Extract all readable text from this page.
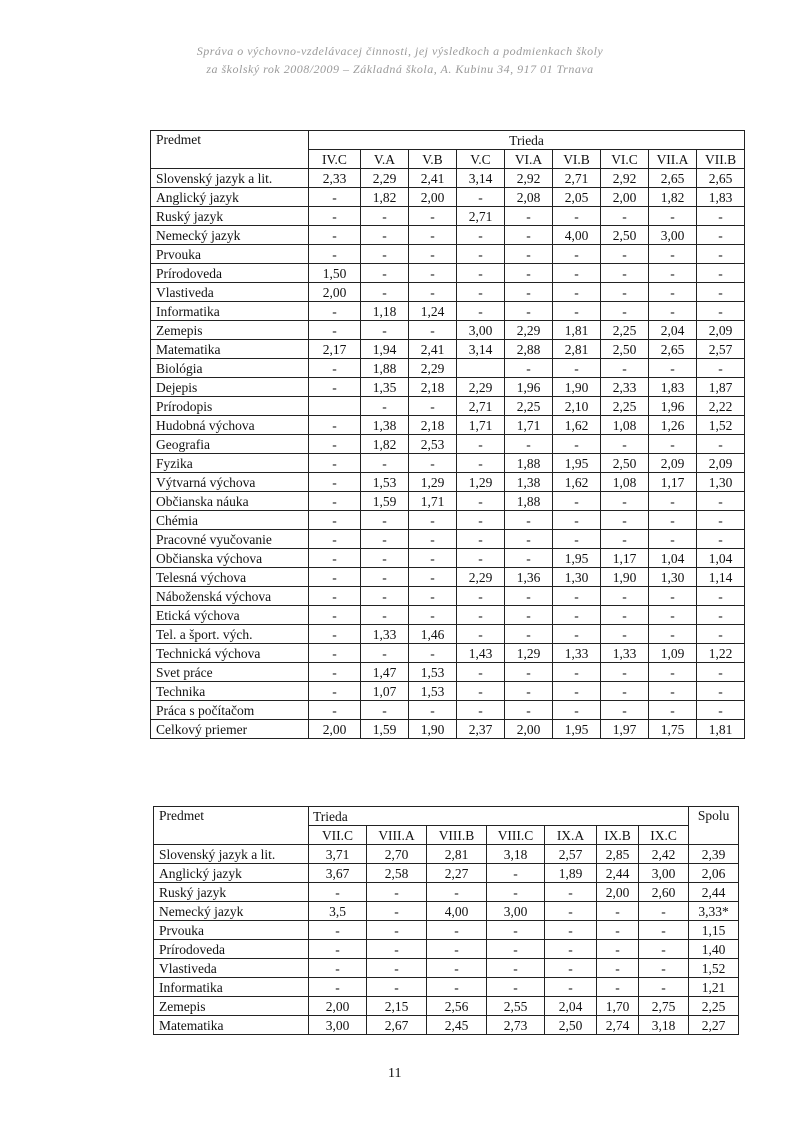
Správa o výchovno-vzdelávacej činnosti, jej výsledkoch a podmienkach školy
za školský rok 2008/2009 – Základná škola, A. Kubinu 34, 917 01 Trnava
Predmet	Trieda								
	IV.C	V.A	V.B	V.C	VI.A	VI.B	VI.C	VII.A	VII.B
Slovenský jazyk a lit.	2,33	2,29	2,41	3,14	2,92	2,71	2,92	2,65	2,65
Anglický jazyk	-	1,82	2,00	-	2,08	2,05	2,00	1,82	1,83
Ruský jazyk	-	-	-	2,71	-	-	-	-	-
Nemecký jazyk	-	-	-	-	-	4,00	2,50	3,00	-
Prvouka	-	-	-	-	-	-	-	-	-
Prírodoveda	1,50	-	-	-	-	-	-	-	-
Vlastiveda	2,00	-	-	-	-	-	-	-	-
Informatika	-	1,18	1,24	-	-	-	-	-	-
Zemepis	-	-	-	3,00	2,29	1,81	2,25	2,04	2,09
Matematika	2,17	1,94	2,41	3,14	2,88	2,81	2,50	2,65	2,57
Biológia	-	1,88	2,29		-	-	-	-	-
Dejepis	-	1,35	2,18	2,29	1,96	1,90	2,33	1,83	1,87
Prírodopis		-	-	2,71	2,25	2,10	2,25	1,96	2,22
Hudobná výchova	-	1,38	2,18	1,71	1,71	1,62	1,08	1,26	1,52
Geografia	-	1,82	2,53	-	-	-	-	-	-
Fyzika	-	-	-	-	1,88	1,95	2,50	2,09	2,09
Výtvarná výchova	-	1,53	1,29	1,29	1,38	1,62	1,08	1,17	1,30
Občianska náuka	-	1,59	1,71	-	1,88	-	-	-	-
Chémia	-	-	-	-	-	-	-	-	-
Pracovné vyučovanie	-	-	-	-	-	-	-	-	-
Občianska výchova	-	-	-	-	-	1,95	1,17	1,04	1,04
Telesná výchova	-	-	-	2,29	1,36	1,30	1,90	1,30	1,14
Náboženská výchova	-	-	-	-	-	-	-	-	-
Etická výchova	-	-	-	-	-	-	-	-	-
Tel. a šport. vých.	-	1,33	1,46	-	-	-	-	-	-
Technická výchova	-	-	-	1,43	1,29	1,33	1,33	1,09	1,22
Svet práce	-	1,47	1,53	-	-	-	-	-	-
Technika	-	1,07	1,53	-	-	-	-	-	-
Práca s počítačom	-	-	-	-	-	-	-	-	-
Celkový priemer	2,00	1,59	1,90	2,37	2,00	1,95	1,97	1,75	1,81
Predmet	Trieda							Spolu
	VII.C	VIII.A	VIII.B	VIII.C	IX.A	IX.B	IX.C	
Slovenský jazyk a lit.	3,71	2,70	2,81	3,18	2,57	2,85	2,42	2,39
Anglický jazyk	3,67	2,58	2,27	-	1,89	2,44	3,00	2,06
Ruský jazyk	-	-	-	-	-	2,00	2,60	2,44
Nemecký jazyk	3,5	-	4,00	3,00	-	-	-	3,33*
Prvouka	-	-	-	-	-	-	-	1,15
Prírodoveda	-	-	-	-	-	-	-	1,40
Vlastiveda	-	-	-	-	-	-	-	1,52
Informatika	-	-	-	-	-	-	-	1,21
Zemepis	2,00	2,15	2,56	2,55	2,04	1,70	2,75	2,25
Matematika	3,00	2,67	2,45	2,73	2,50	2,74	3,18	2,27
11
